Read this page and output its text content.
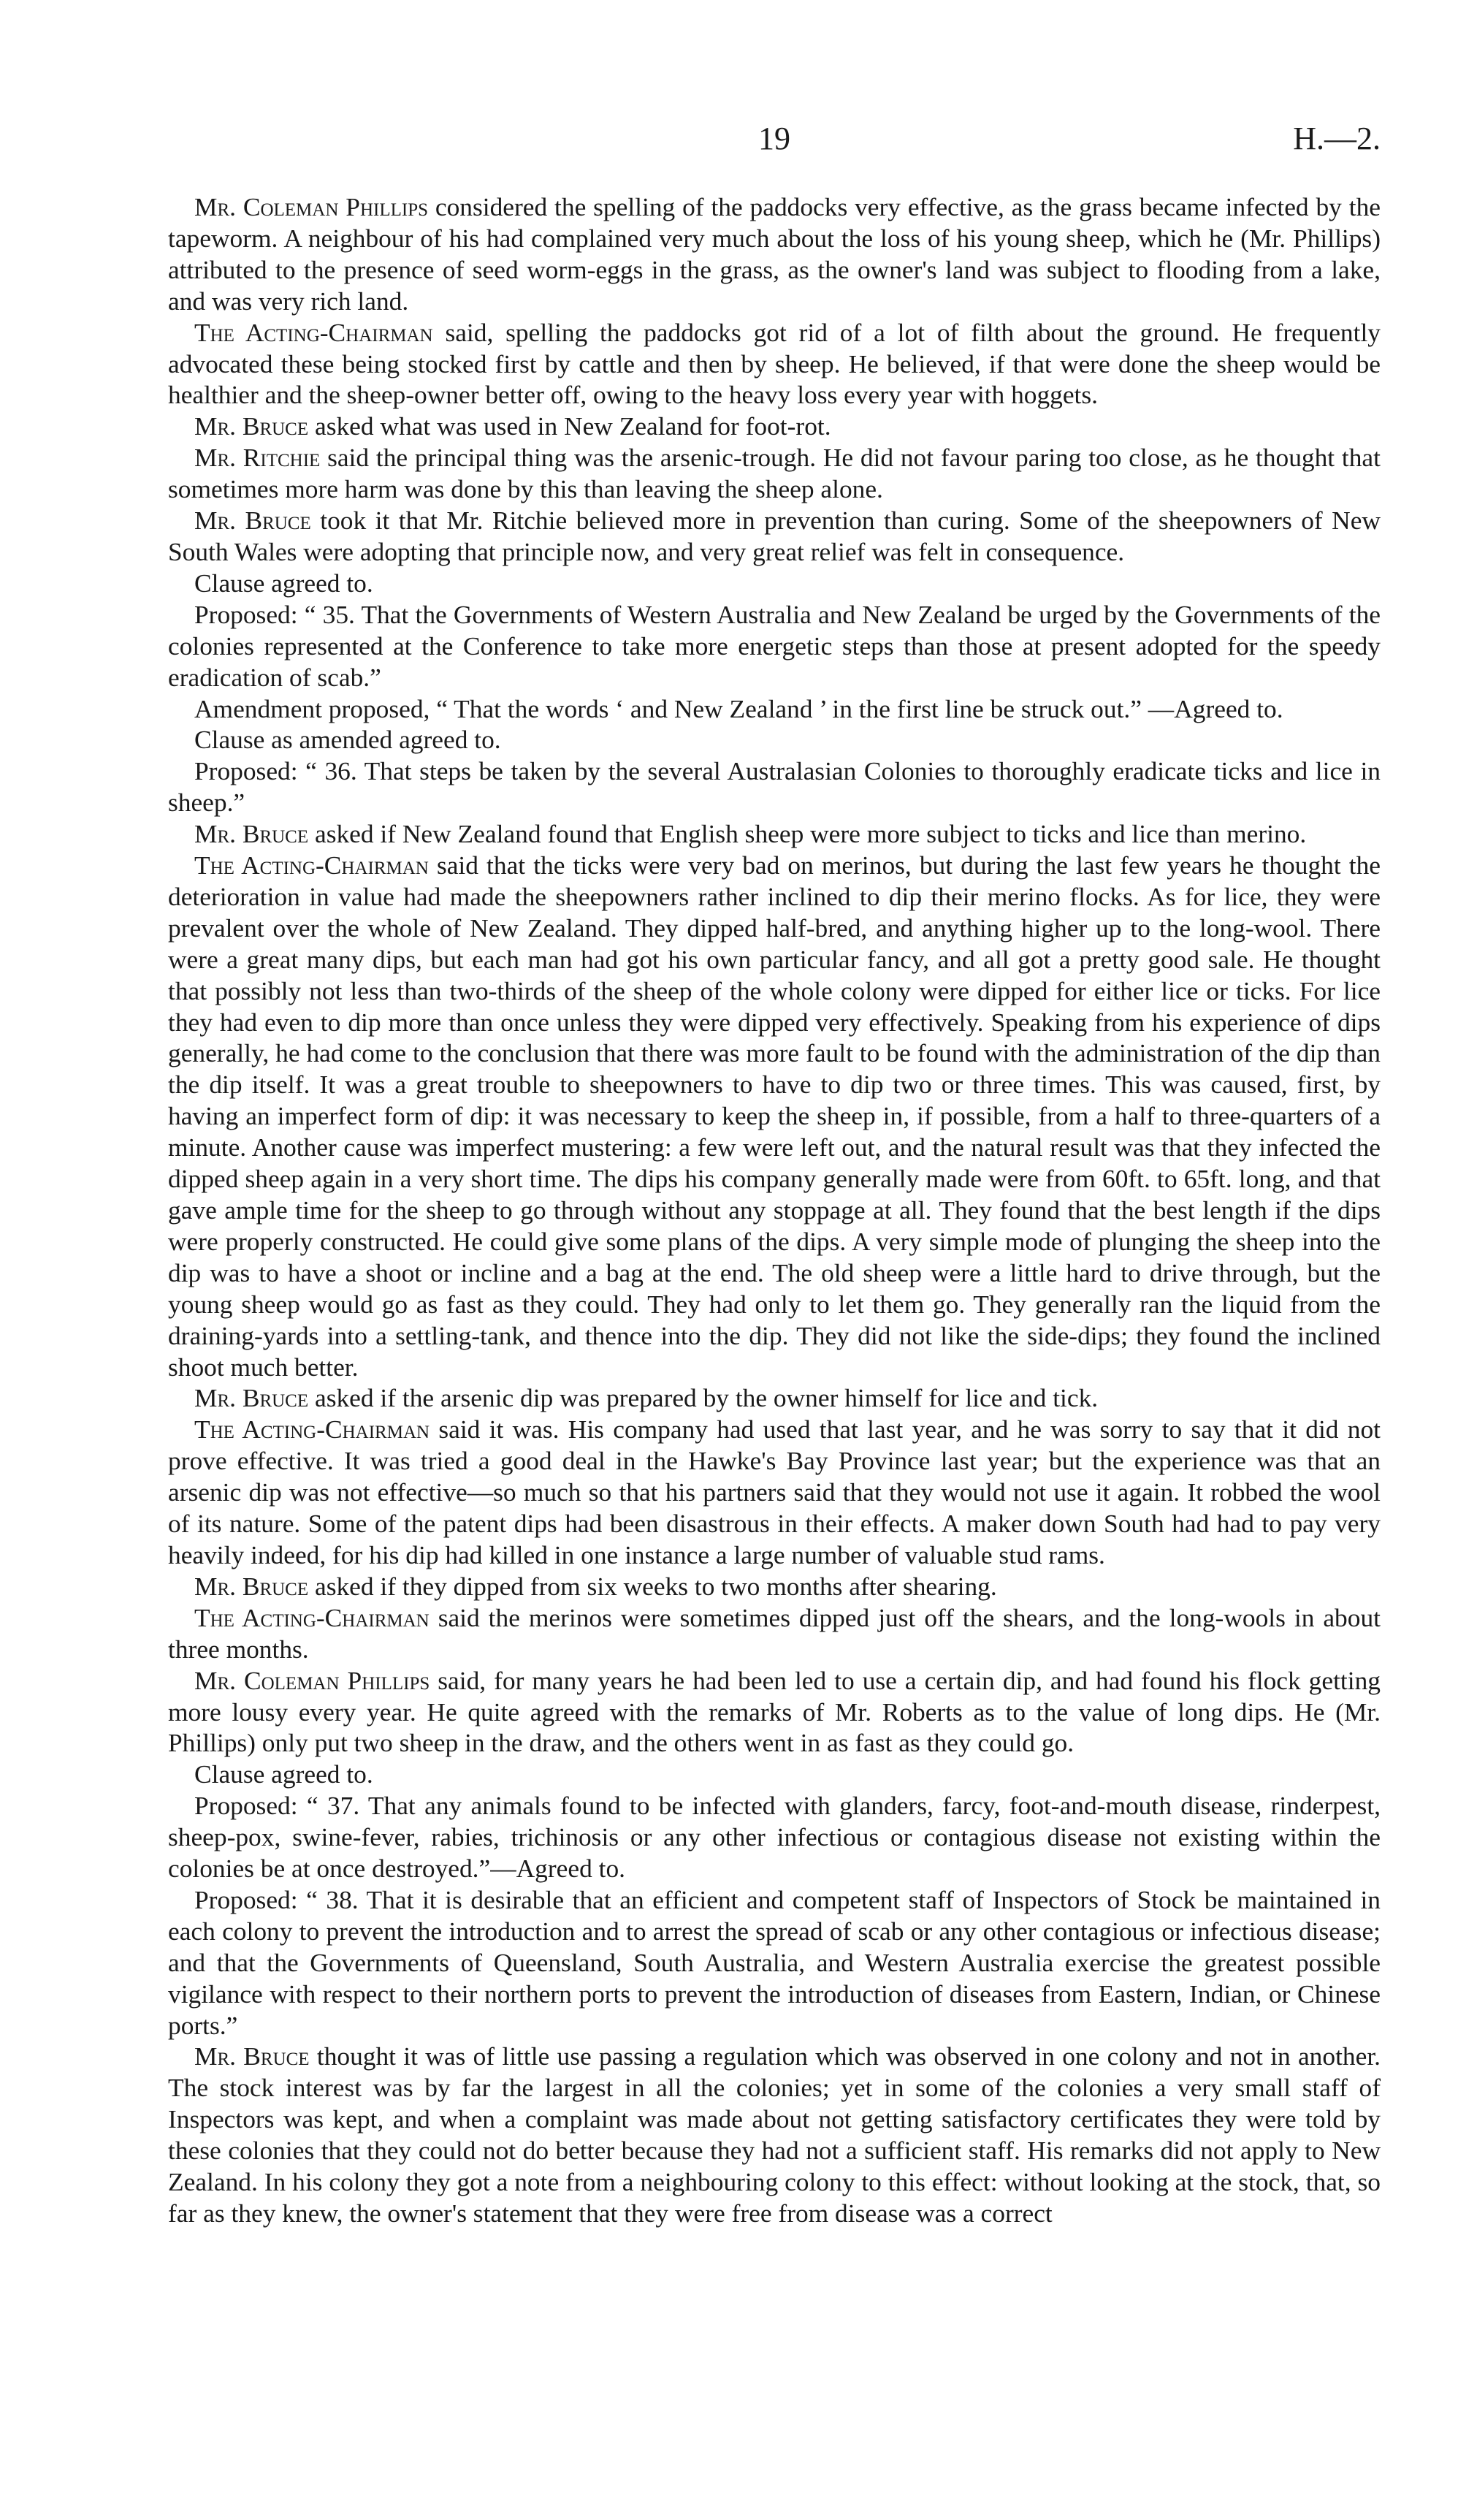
19	H.—2.

Mr. Coleman Phillips considered the spelling of the paddocks very effective, as the grass became infected by the tapeworm. A neighbour of his had complained very much about the loss of his young sheep, which he (Mr. Phillips) attributed to the presence of seed worm-eggs in the grass, as the owner's land was subject to flooding from a lake, and was very rich land.

The Acting-Chairman said, spelling the paddocks got rid of a lot of filth about the ground. He frequently advocated these being stocked first by cattle and then by sheep. He believed, if that were done the sheep would be healthier and the sheep-owner better off, owing to the heavy loss every year with hoggets.

Mr. Bruce asked what was used in New Zealand for foot-rot.

Mr. Ritchie said the principal thing was the arsenic-trough. He did not favour paring too close, as he thought that sometimes more harm was done by this than leaving the sheep alone.

Mr. Bruce took it that Mr. Ritchie believed more in prevention than curing. Some of the sheepowners of New South Wales were adopting that principle now, and very great relief was felt in consequence.

Clause agreed to.

Proposed: “ 35. That the Governments of Western Australia and New Zealand be urged by the Governments of the colonies represented at the Conference to take more energetic steps than those at present adopted for the speedy eradication of scab.”

Amendment proposed, “ That the words ‘ and New Zealand ’ in the first line be struck out.” —Agreed to.

Clause as amended agreed to.

Proposed: “ 36. That steps be taken by the several Australasian Colonies to thoroughly eradicate ticks and lice in sheep.”

Mr. Bruce asked if New Zealand found that English sheep were more subject to ticks and lice than merino.

The Acting-Chairman said that the ticks were very bad on merinos, but during the last few years he thought the deterioration in value had made the sheepowners rather inclined to dip their merino flocks. As for lice, they were prevalent over the whole of New Zealand. They dipped half-bred, and anything higher up to the long-wool. There were a great many dips, but each man had got his own particular fancy, and all got a pretty good sale. He thought that possibly not less than two-thirds of the sheep of the whole colony were dipped for either lice or ticks. For lice they had even to dip more than once unless they were dipped very effectively. Speaking from his experience of dips generally, he had come to the conclusion that there was more fault to be found with the administration of the dip than the dip itself. It was a great trouble to sheepowners to have to dip two or three times. This was caused, first, by having an imperfect form of dip: it was necessary to keep the sheep in, if possible, from a half to three-quarters of a minute. Another cause was imperfect mustering: a few were left out, and the natural result was that they infected the dipped sheep again in a very short time. The dips his company generally made were from 60ft. to 65ft. long, and that gave ample time for the sheep to go through without any stoppage at all. They found that the best length if the dips were properly constructed. He could give some plans of the dips. A very simple mode of plunging the sheep into the dip was to have a shoot or incline and a bag at the end. The old sheep were a little hard to drive through, but the young sheep would go as fast as they could. They had only to let them go. They generally ran the liquid from the draining-yards into a settling-tank, and thence into the dip. They did not like the side-dips; they found the inclined shoot much better.

Mr. Bruce asked if the arsenic dip was prepared by the owner himself for lice and tick.

The Acting-Chairman said it was. His company had used that last year, and he was sorry to say that it did not prove effective. It was tried a good deal in the Hawke's Bay Province last year; but the experience was that an arsenic dip was not effective—so much so that his partners said that they would not use it again. It robbed the wool of its nature. Some of the patent dips had been disastrous in their effects. A maker down South had had to pay very heavily indeed, for his dip had killed in one instance a large number of valuable stud rams.

Mr. Bruce asked if they dipped from six weeks to two months after shearing.

The Acting-Chairman said the merinos were sometimes dipped just off the shears, and the long-wools in about three months.

Mr. Coleman Phillips said, for many years he had been led to use a certain dip, and had found his flock getting more lousy every year. He quite agreed with the remarks of Mr. Roberts as to the value of long dips. He (Mr. Phillips) only put two sheep in the draw, and the others went in as fast as they could go.

Clause agreed to.

Proposed: “ 37. That any animals found to be infected with glanders, farcy, foot-and-mouth disease, rinderpest, sheep-pox, swine-fever, rabies, trichinosis or any other infectious or contagious disease not existing within the colonies be at once destroyed.”—Agreed to.

Proposed: “ 38. That it is desirable that an efficient and competent staff of Inspectors of Stock be maintained in each colony to prevent the introduction and to arrest the spread of scab or any other contagious or infectious disease; and that the Governments of Queensland, South Australia, and Western Australia exercise the greatest possible vigilance with respect to their northern ports to prevent the introduction of diseases from Eastern, Indian, or Chinese ports.”

Mr. Bruce thought it was of little use passing a regulation which was observed in one colony and not in another. The stock interest was by far the largest in all the colonies; yet in some of the colonies a very small staff of Inspectors was kept, and when a complaint was made about not getting satisfactory certificates they were told by these colonies that they could not do better because they had not a sufficient staff. His remarks did not apply to New Zealand. In his colony they got a note from a neighbouring colony to this effect: without looking at the stock, that, so far as they knew, the owner's statement that they were free from disease was a correct
